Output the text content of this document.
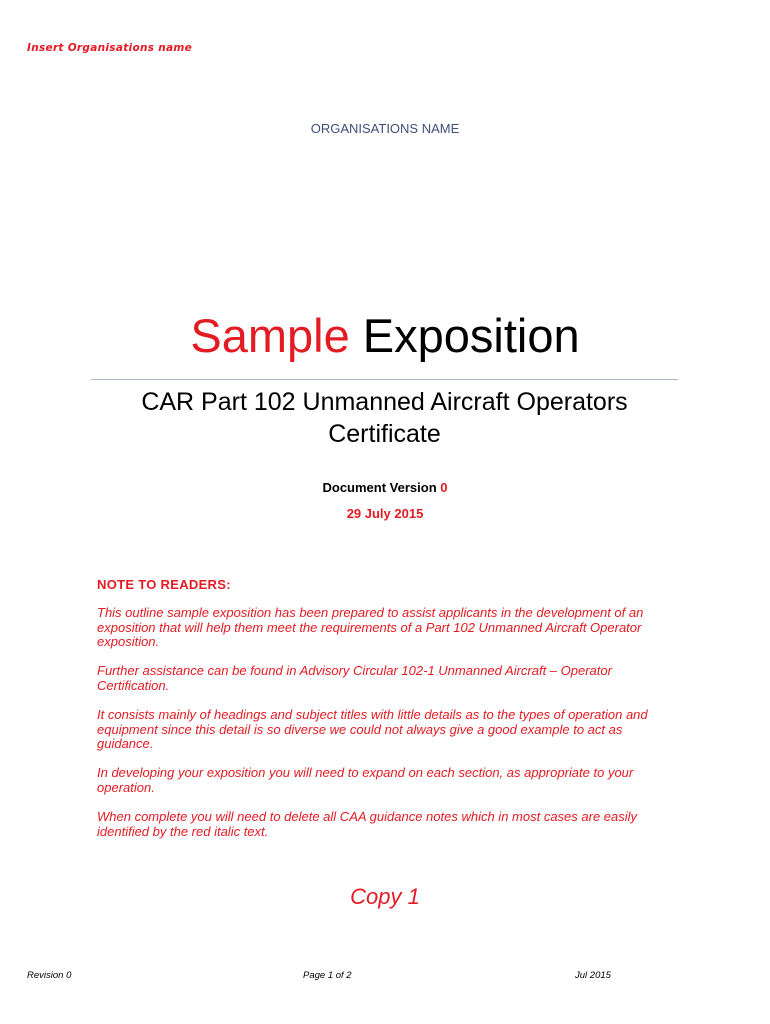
Insert Organisations name
ORGANISATIONS NAME
Sample Exposition
CAR Part 102 Unmanned Aircraft Operators
Certificate
Document Version 0
29 July 2015
NOTE TO READERS:

This outline sample exposition has been prepared to assist applicants in the development of an exposition that will help them meet the requirements of a Part 102 Unmanned Aircraft Operator exposition.

Further assistance can be found in Advisory Circular 102-1 Unmanned Aircraft – Operator Certification.

It consists mainly of headings and subject titles with little details as to the types of operation and equipment since this detail is so diverse we could not always give a good example to act as guidance.

In developing your exposition you will need to expand on each section, as appropriate to your operation.

When complete you will need to delete all CAA guidance notes which in most cases are easily identified by the red italic text.

Copy 1
Revision 0	Page 1 of 2	Jul 2015
